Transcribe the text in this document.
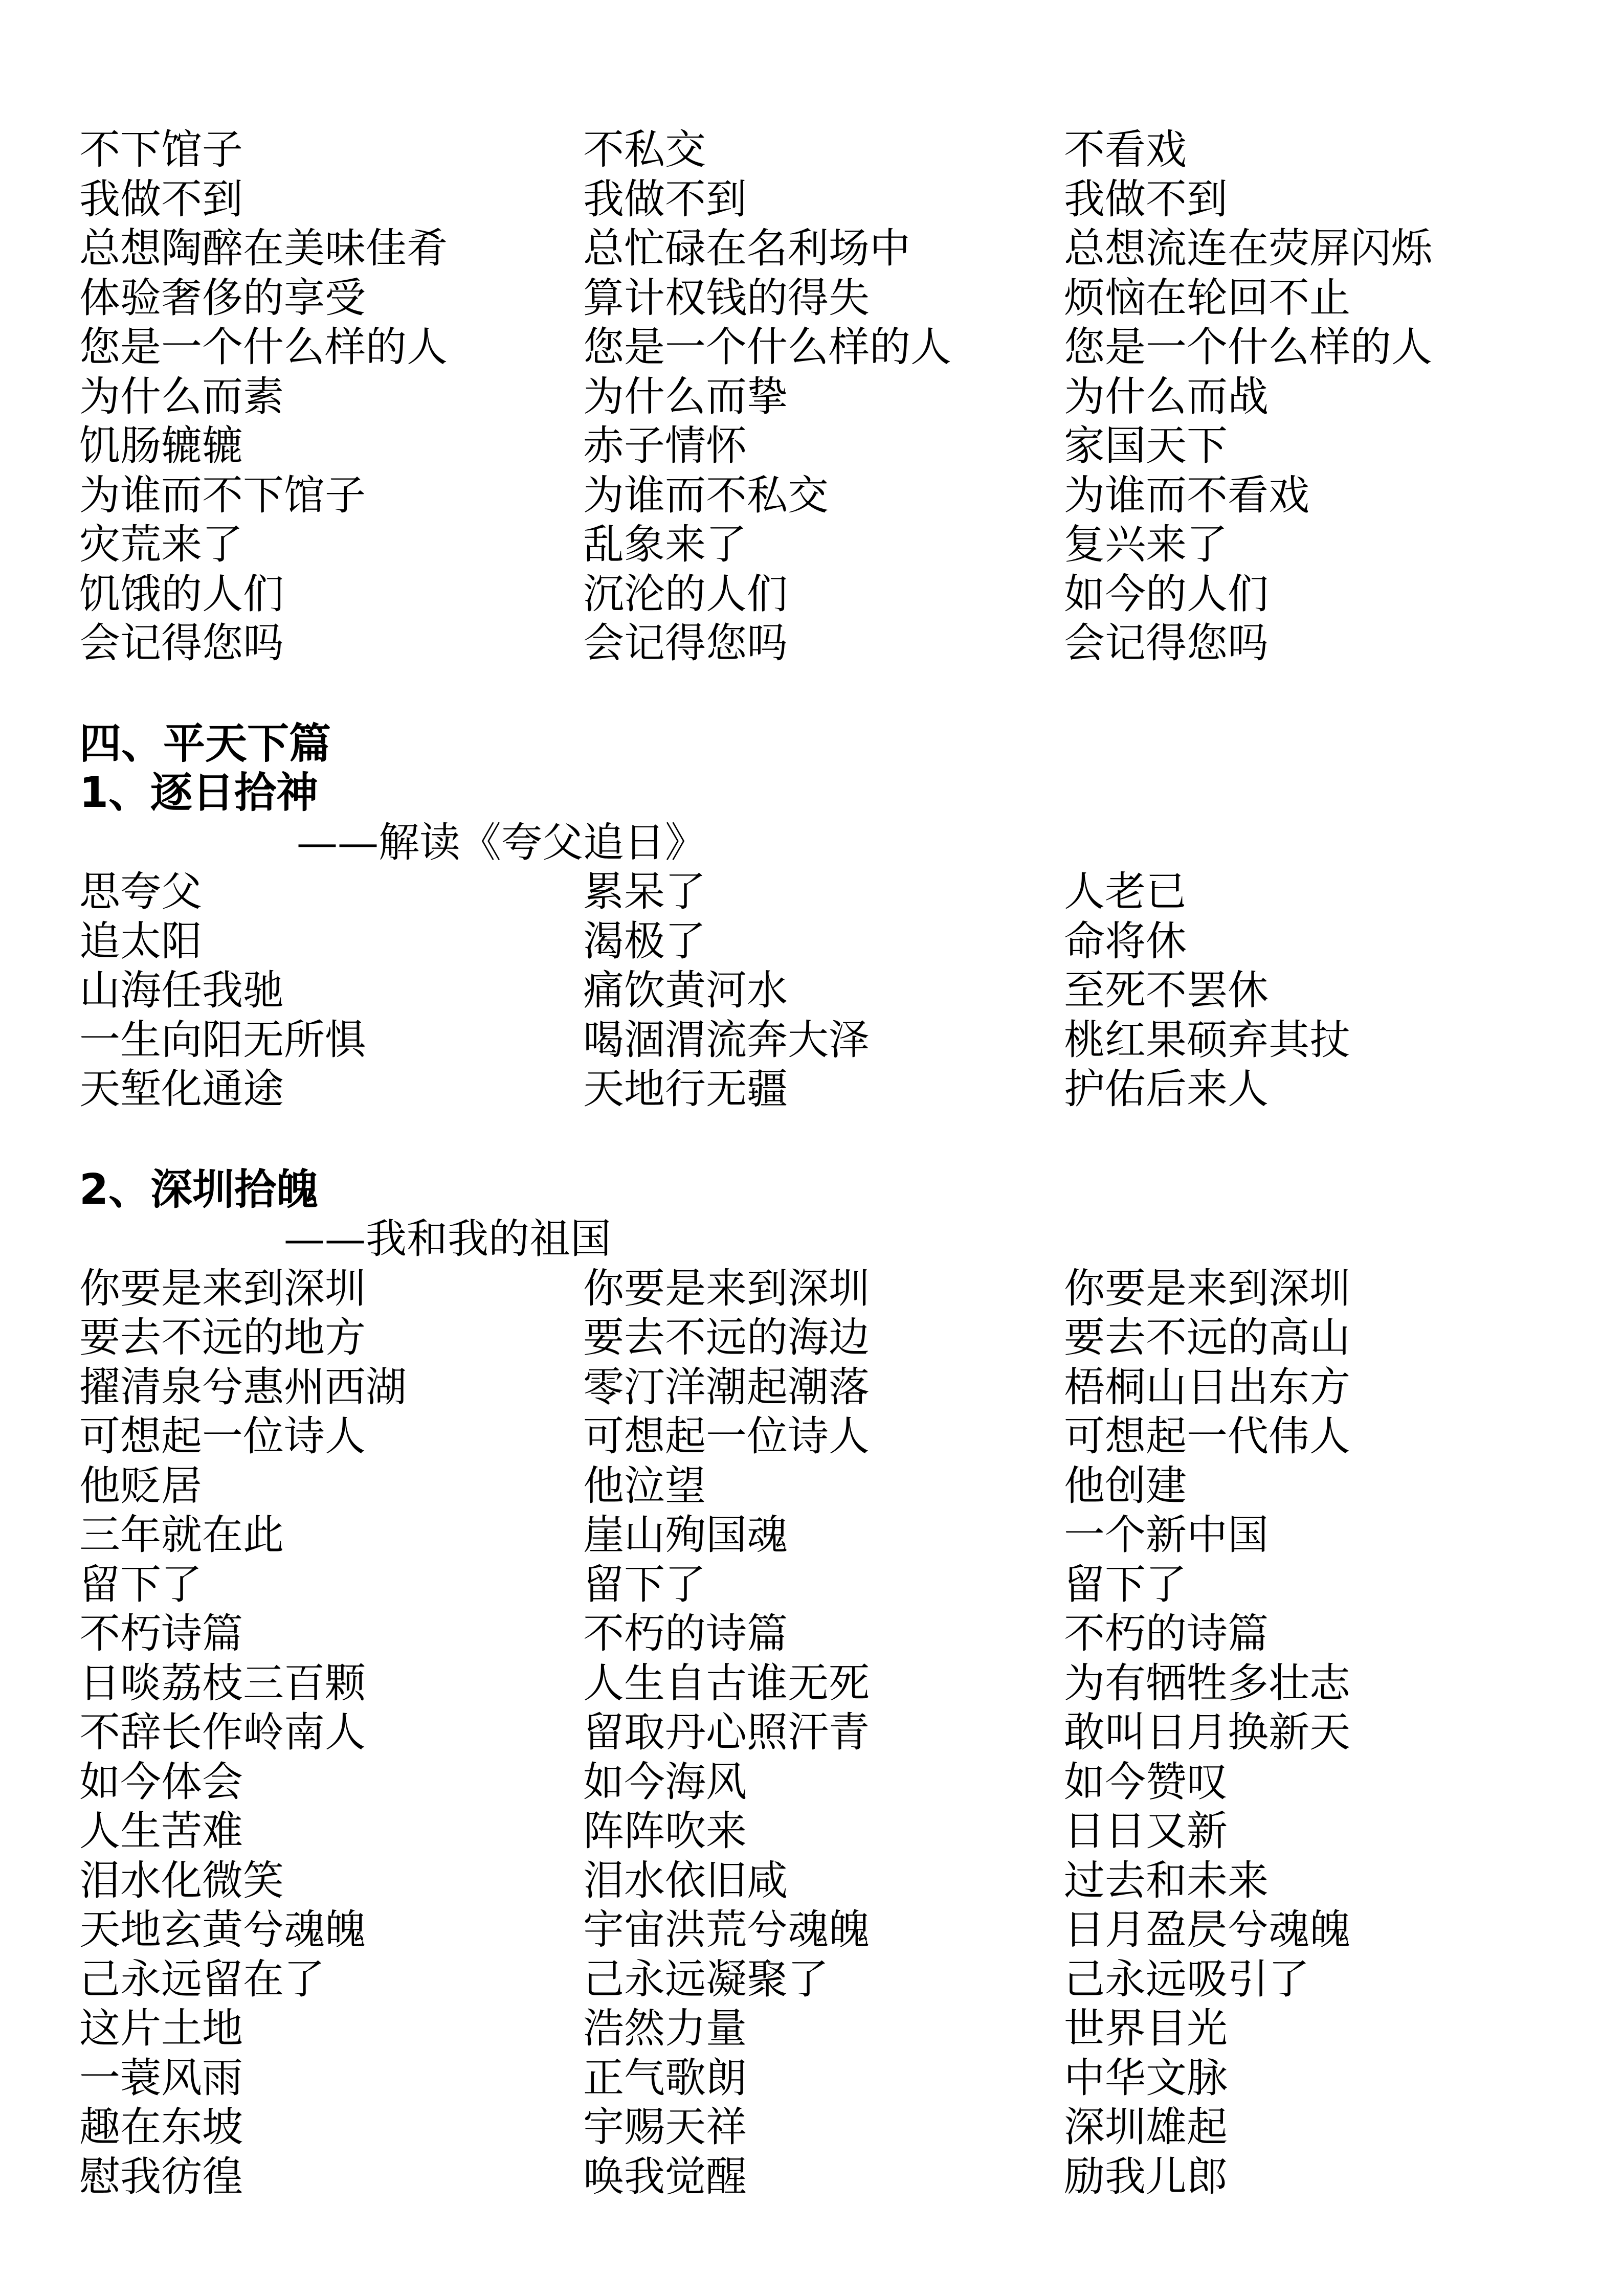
不下馆子	不私交	不看戏
我做不到	我做不到	我做不到
总想陶醉在美味佳肴	总忙碌在名利场中	总想流连在荧屏闪烁
体验奢侈的享受	算计权钱的得失	烦恼在轮回不止
您是一个什么样的人	您是一个什么样的人	您是一个什么样的人
为什么而素	为什么而挚	为什么而战
饥肠辘辘	赤子情怀	家国天下
为谁而不下馆子	为谁而不私交	为谁而不看戏
灾荒来了	乱象来了	复兴来了
饥饿的人们	沉沦的人们	如今的人们
会记得您吗	会记得您吗	会记得您吗
四、平天下篇
1、逐日拾神
——解读《夸父追日》
思夸父	累呆了	人老已
追太阳	渴极了	命将休
山海任我驰	痛饮黄河水	至死不罢休
一生向阳无所惧	喝涸渭流奔大泽	桃红果硕弃其扙
天堑化通途	天地行无疆	护佑后来人
2、深圳拾魄
——我和我的祖国
你要是来到深圳	你要是来到深圳	你要是来到深圳
要去不远的地方	要去不远的海边	要去不远的高山
擢清泉兮惠州西湖	零汀洋潮起潮落	梧桐山日出东方
可想起一位诗人	可想起一位诗人	可想起一代伟人
他贬居	他泣望	他创建
三年就在此	崖山殉国魂	一个新中国
留下了	留下了	留下了
不朽诗篇	不朽的诗篇	不朽的诗篇
日啖荔枝三百颗	人生自古谁无死	为有牺牲多壮志
不辞长作岭南人	留取丹心照汗青	敢叫日月换新天
如今体会	如今海风	如今赞叹
人生苦难	阵阵吹来	日日又新
泪水化微笑	泪水依旧咸	过去和未来
天地玄黄兮魂魄	宇宙洪荒兮魂魄	日月盈昃兮魂魄
己永远留在了	己永远凝聚了	己永远吸引了
这片土地	浩然力量	世界目光
一蓑风雨	正气歌朗	中华文脉
趣在东坡	宇赐天祥	深圳雄起
慰我彷徨	唤我觉醒	励我儿郎
